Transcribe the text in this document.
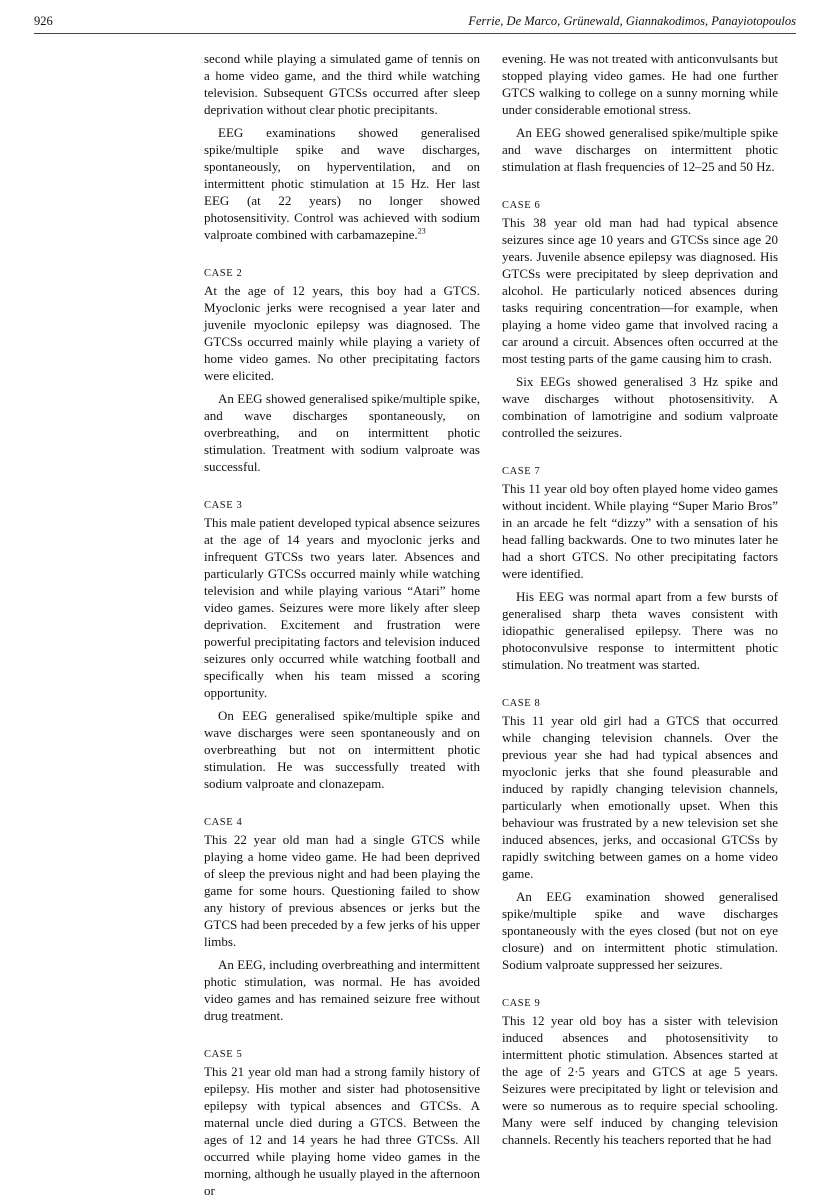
926	Ferrie, De Marco, Grünewald, Giannakodimos, Panayiotopoulos

second while playing a simulated game of tennis on a home video game, and the third while watching television. Subsequent GTCSs occurred after sleep deprivation without clear photic precipitants.

EEG examinations showed generalised spike/multiple spike and wave discharges, spontaneously, on hyperventilation, and on intermittent photic stimulation at 15 Hz. Her last EEG (at 22 years) no longer showed photosensitivity. Control was achieved with sodium valproate combined with carbamazepine.$^{23}$

CASE 2

At the age of 12 years, this boy had a GTCS. Myoclonic jerks were recognised a year later and juvenile myoclonic epilepsy was diagnosed. The GTCSs occurred mainly while playing a variety of home video games. No other precipitating factors were elicited.

An EEG showed generalised spike/multiple spike, and wave discharges spontaneously, on overbreathing, and on intermittent photic stimulation. Treatment with sodium valproate was successful.

CASE 3

This male patient developed typical absence seizures at the age of 14 years and myoclonic jerks and infrequent GTCSs two years later. Absences and particularly GTCSs occurred mainly while watching television and while playing various “Atari” home video games. Seizures were more likely after sleep deprivation. Excitement and frustration were powerful precipitating factors and television induced seizures only occurred while watching football and specifically when his team missed a scoring opportunity.

On EEG generalised spike/multiple spike and wave discharges were seen spontaneously and on overbreathing but not on intermittent photic stimulation. He was successfully treated with sodium valproate and clonazepam.

CASE 4

This 22 year old man had a single GTCS while playing a home video game. He had been deprived of sleep the previous night and had been playing the game for some hours. Questioning failed to show any history of previous absences or jerks but the GTCS had been preceded by a few jerks of his upper limbs.

An EEG, including overbreathing and intermittent photic stimulation, was normal. He has avoided video games and has remained seizure free without drug treatment.

CASE 5

This 21 year old man had a strong family history of epilepsy. His mother and sister had photosensitive epilepsy with typical absences and GTCSs. A maternal uncle died during a GTCS. Between the ages of 12 and 14 years he had three GTCSs. All occurred while playing home video games in the morning, although he usually played in the afternoon or

evening. He was not treated with anticonvulsants but stopped playing video games. He had one further GTCS walking to college on a sunny morning while under considerable emotional stress.

An EEG showed generalised spike/multiple spike and wave discharges on intermittent photic stimulation at flash frequencies of 12–25 and 50 Hz.

CASE 6

This 38 year old man had had typical absence seizures since age 10 years and GTCSs since age 20 years. Juvenile absence epilepsy was diagnosed. His GTCSs were precipitated by sleep deprivation and alcohol. He particularly noticed absences during tasks requiring concentration—for example, when playing a home video game that involved racing a car around a circuit. Absences often occurred at the most testing parts of the game causing him to crash.

Six EEGs showed generalised 3 Hz spike and wave discharges without photosensitivity. A combination of lamotrigine and sodium valproate controlled the seizures.

CASE 7

This 11 year old boy often played home video games without incident. While playing “Super Mario Bros” in an arcade he felt “dizzy” with a sensation of his head falling backwards. One to two minutes later he had a short GTCS. No other precipitating factors were identified.

His EEG was normal apart from a few bursts of generalised sharp theta waves consistent with idiopathic generalised epilepsy. There was no photoconvulsive response to intermittent photic stimulation. No treatment was started.

CASE 8

This 11 year old girl had a GTCS that occurred while changing television channels. Over the previous year she had had typical absences and myoclonic jerks that she found pleasurable and induced by rapidly changing television channels, particularly when emotionally upset. When this behaviour was frustrated by a new television set she induced absences, jerks, and occasional GTCSs by rapidly switching between games on a home video game.

An EEG examination showed generalised spike/multiple spike and wave discharges spontaneously with the eyes closed (but not on eye closure) and on intermittent photic stimulation. Sodium valproate suppressed her seizures.

CASE 9

This 12 year old boy has a sister with television induced absences and photosensitivity to intermittent photic stimulation. Absences started at the age of 2·5 years and GTCS at age 5 years. Seizures were precipitated by light or television and were so numerous as to require special schooling. Many were self induced by changing television channels. Recently his teachers reported that he had
